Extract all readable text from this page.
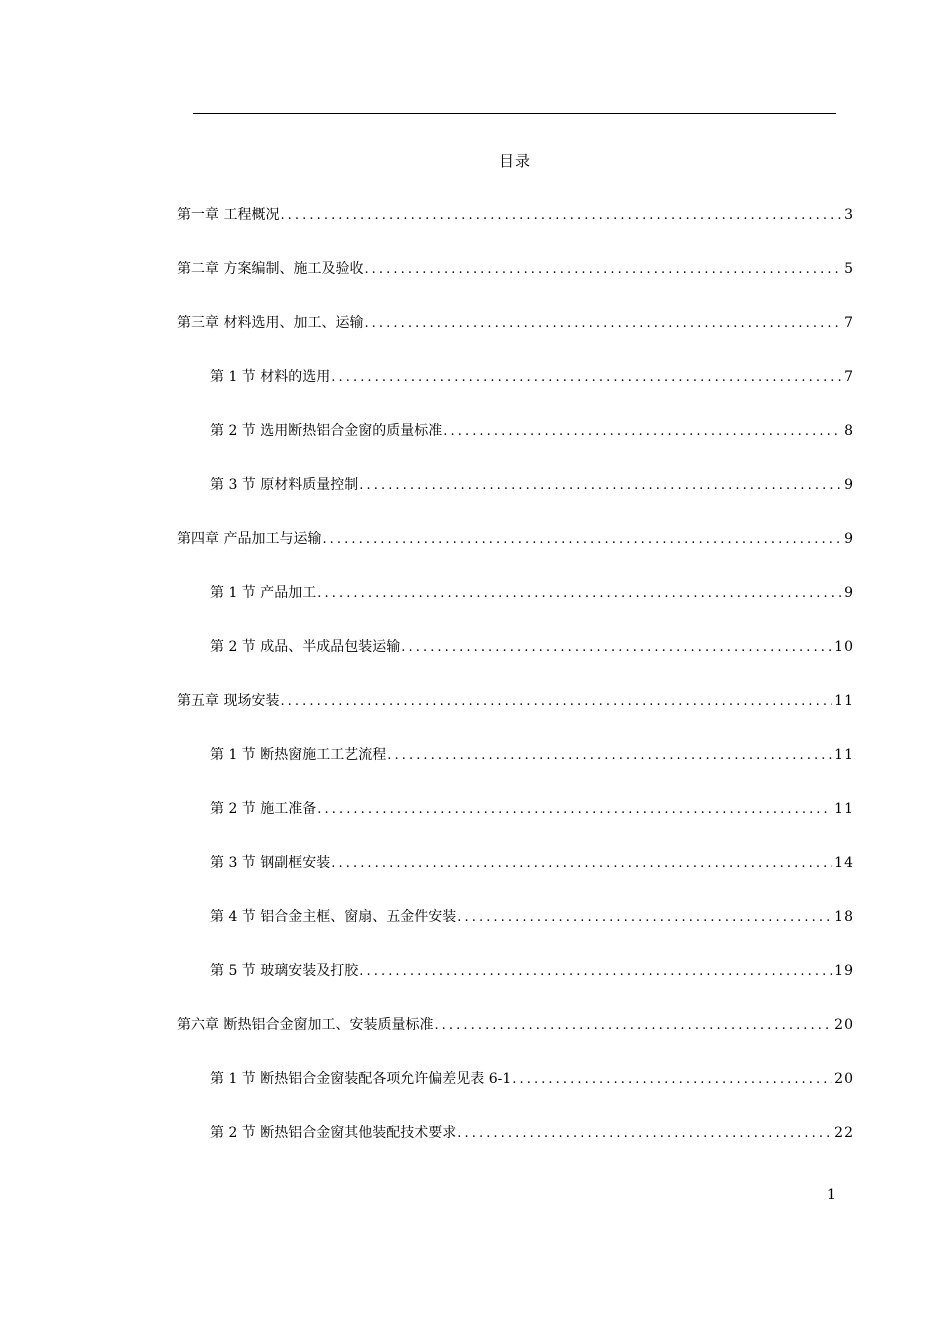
目录
第一章 工程概况 .....	3
第二章 方案编制、施工及验收 .....	5
第三章 材料选用、加工、运输 .....	7
第 1 节 材料的选用 .....	7
第 2 节 选用断热铝合金窗的质量标准 .....	8
第 3 节 原材料质量控制 .....	9
第四章 产品加工与运输 .....	9
第 1 节 产品加工 .....	9
第 2 节 成品、半成品包装运输 .....	10
第五章 现场安装 .....	11
第 1 节 断热窗施工工艺流程 .....	11
第 2 节 施工准备 .....	11
第 3 节 钢副框安装 .....	14
第 4 节 铝合金主框、窗扇、五金件安装 .....	18
第 5 节 玻璃安装及打胶 .....	19
第六章 断热铝合金窗加工、安装质量标准 .....	20
第 1 节 断热铝合金窗装配各项允许偏差见表 6-1 .....	20
第 2 节 断热铝合金窗其他装配技术要求 .....	22
1
